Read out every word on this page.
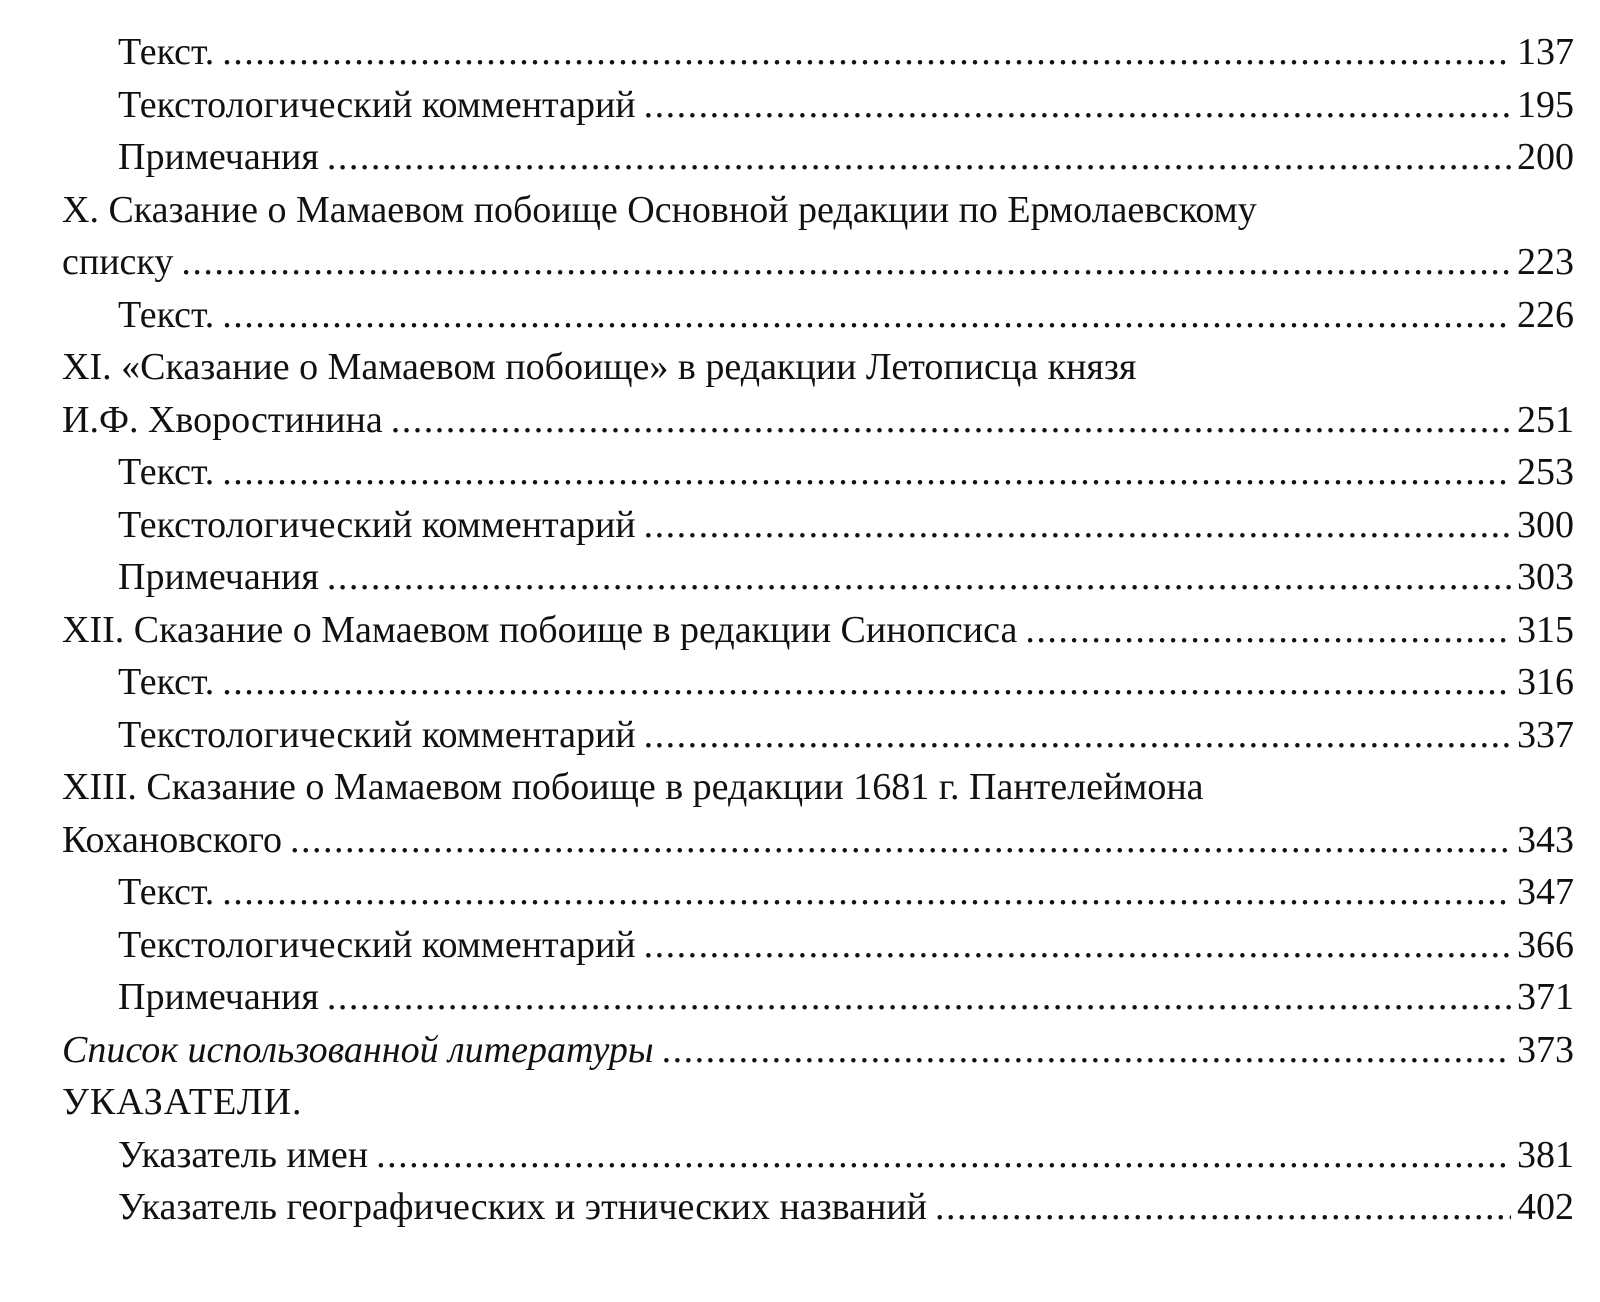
Текст. . . .	137
Текстологический комментарий . . .	195
Примечания . . .	200
X. Сказание о Мамаевом побоище Основной редакции по Ермолаевскому
списку . . .	223
Текст. . . .	226
XI. «Сказание о Мамаевом побоище» в редакции Летописца князя
И.Ф. Хворостинина . . .	251
Текст. . . .	253
Текстологический комментарий . . .	300
Примечания . . .	303
XII. Сказание о Мамаевом побоище в редакции Синопсиса . . .	315
Текст. . . .	316
Текстологический комментарий . . .	337
XIII. Сказание о Мамаевом побоище в редакции 1681 г. Пантелеймона
Кохановского . . .	343
Текст. . . .	347
Текстологический комментарий . . .	366
Примечания . . .	371
Список использованной литературы . . .	373
УКАЗАТЕЛИ.
Указатель имен . . .	381
Указатель географических и этнических названий . . .	402
